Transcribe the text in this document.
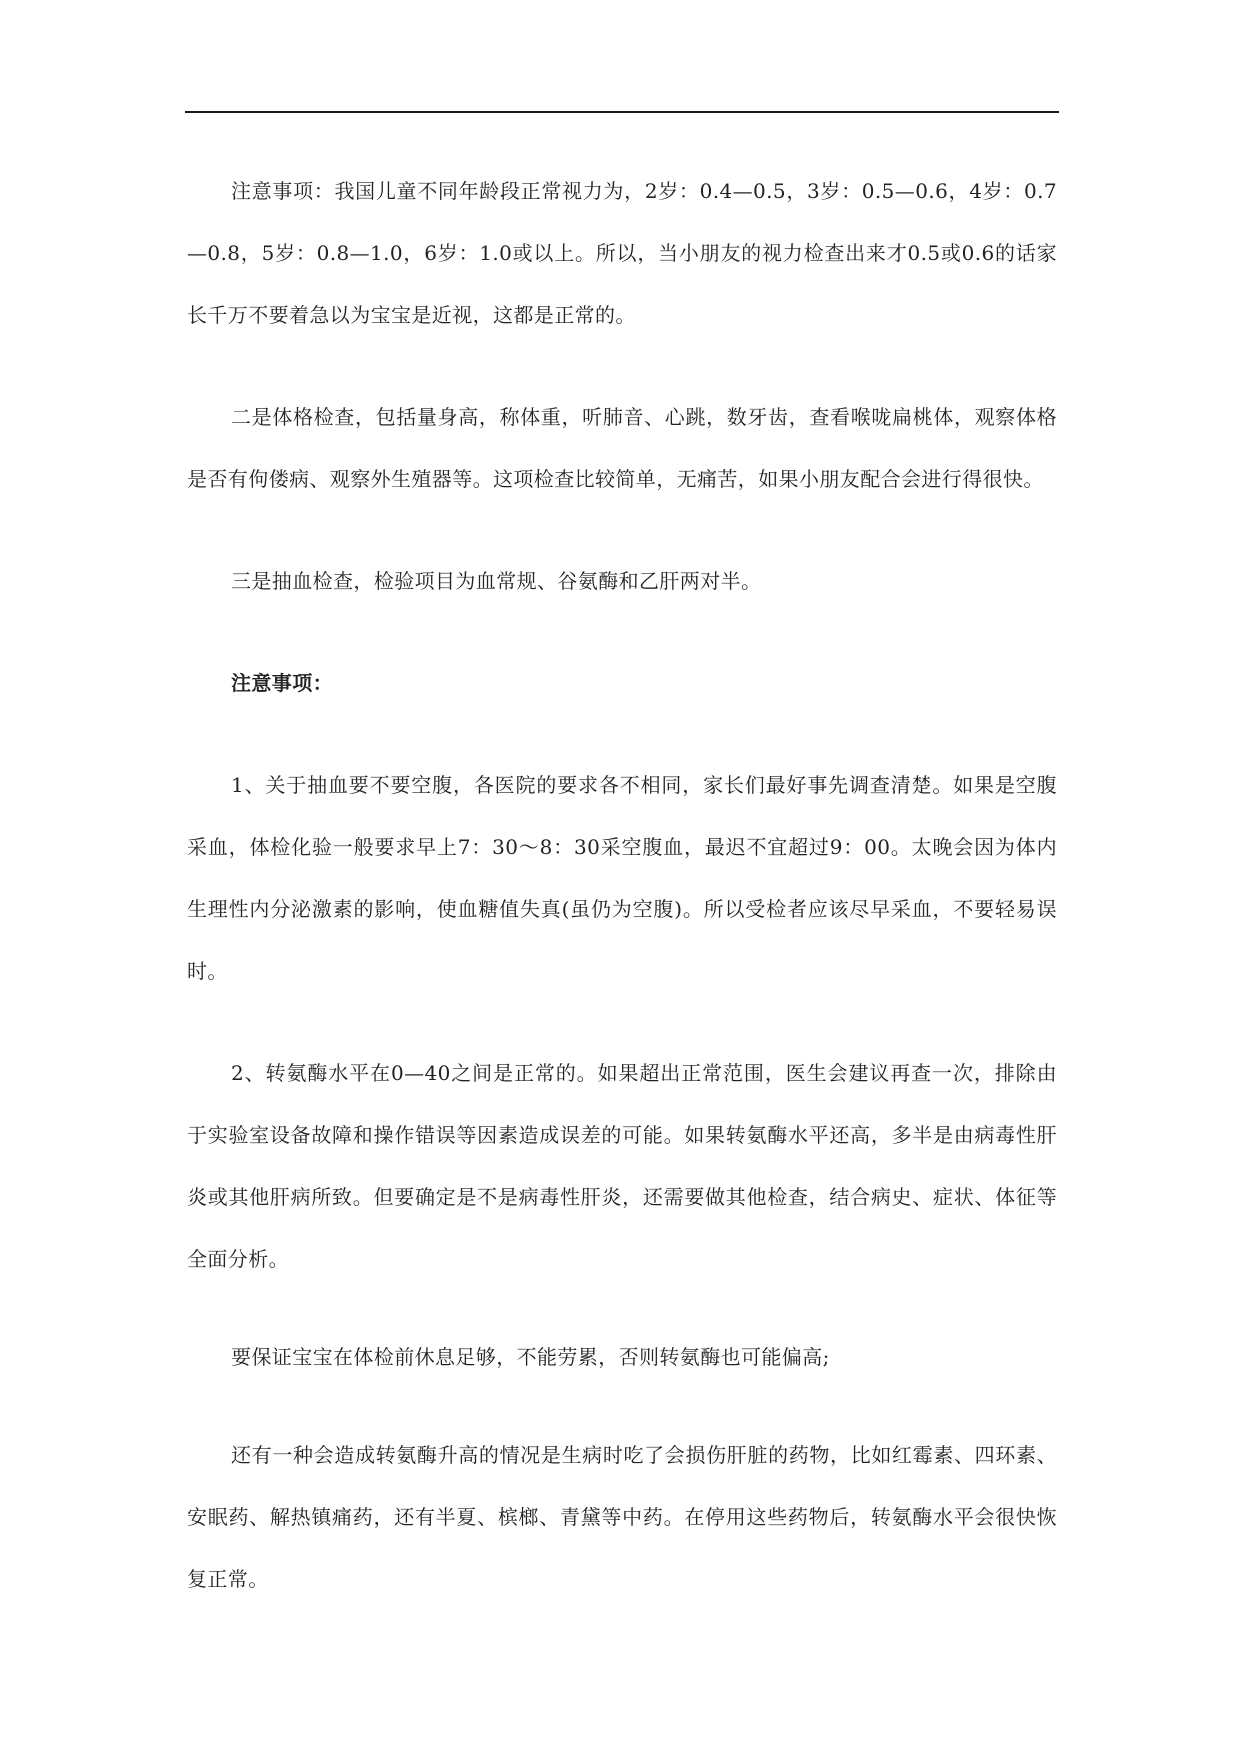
注意事项：我国儿童不同年龄段正常视力为，2岁：0.4—0.5，3岁：0.5—0.6，4岁：0.7—0.8，5岁：0.8—1.0，6岁：1.0或以上。所以，当小朋友的视力检查出来才0.5或0.6的话家长千万不要着急以为宝宝是近视，这都是正常的。

二是体格检查，包括量身高，称体重，听肺音、心跳，数牙齿，查看喉咙扁桃体，观察体格是否有佝偻病、观察外生殖器等。这项检查比较简单，无痛苦，如果小朋友配合会进行得很快。

三是抽血检查，检验项目为血常规、谷氨酶和乙肝两对半。

注意事项：

1、关于抽血要不要空腹，各医院的要求各不相同，家长们最好事先调查清楚。如果是空腹采血，体检化验一般要求早上7：30～8：30采空腹血，最迟不宜超过9：00。太晚会因为体内生理性内分泌激素的影响，使血糖值失真(虽仍为空腹)。所以受检者应该尽早采血，不要轻易误时。

2、转氨酶水平在0—40之间是正常的。如果超出正常范围，医生会建议再查一次，排除由于实验室设备故障和操作错误等因素造成误差的可能。如果转氨酶水平还高，多半是由病毒性肝炎或其他肝病所致。但要确定是不是病毒性肝炎，还需要做其他检查，结合病史、症状、体征等全面分析。

要保证宝宝在体检前休息足够，不能劳累，否则转氨酶也可能偏高;

还有一种会造成转氨酶升高的情况是生病时吃了会损伤肝脏的药物，比如红霉素、四环素、安眠药、解热镇痛药，还有半夏、槟榔、青黛等中药。在停用这些药物后，转氨酶水平会很快恢复正常。
